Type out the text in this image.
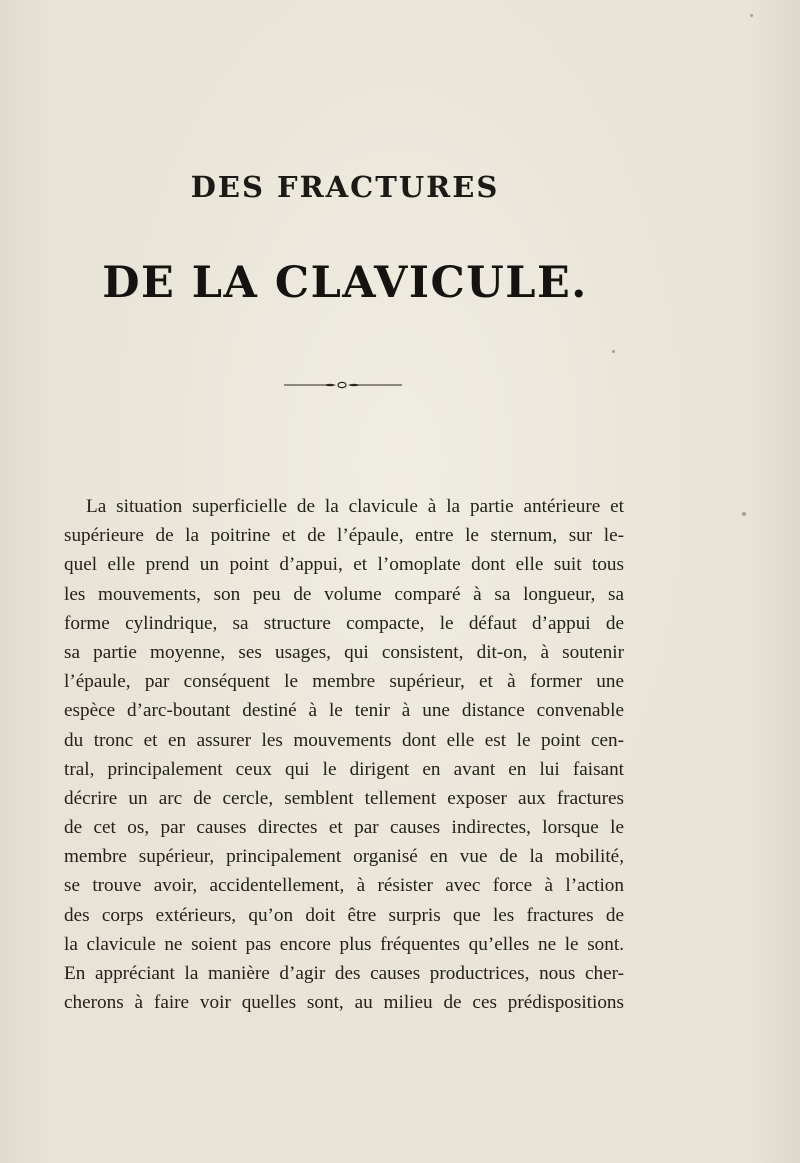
DES FRACTURES
DE LA CLAVICULE.
La situation superficielle de la clavicule à la partie antérieure et
supérieure de la poitrine et de l’épaule, entre le sternum, sur le-
quel elle prend un point d’appui, et l’omoplate dont elle suit tous
les mouvements, son peu de volume comparé à sa longueur, sa
forme cylindrique, sa structure compacte, le défaut d’appui de
sa partie moyenne, ses usages, qui consistent, dit-on, à soutenir
l’épaule, par conséquent le membre supérieur, et à former une
espèce d’arc-boutant destiné à le tenir à une distance convenable
du tronc et en assurer les mouvements dont elle est le point cen-
tral, principalement ceux qui le dirigent en avant en lui faisant
décrire un arc de cercle, semblent tellement exposer aux fractures
de cet os, par causes directes et par causes indirectes, lorsque le
membre supérieur, principalement organisé en vue de la mobilité,
se trouve avoir, accidentellement, à résister avec force à l’action
des corps extérieurs, qu’on doit être surpris que les fractures de
la clavicule ne soient pas encore plus fréquentes qu’elles ne le sont.
En appréciant la manière d’agir des causes productrices, nous cher-
cherons à faire voir quelles sont, au milieu de ces prédispositions
